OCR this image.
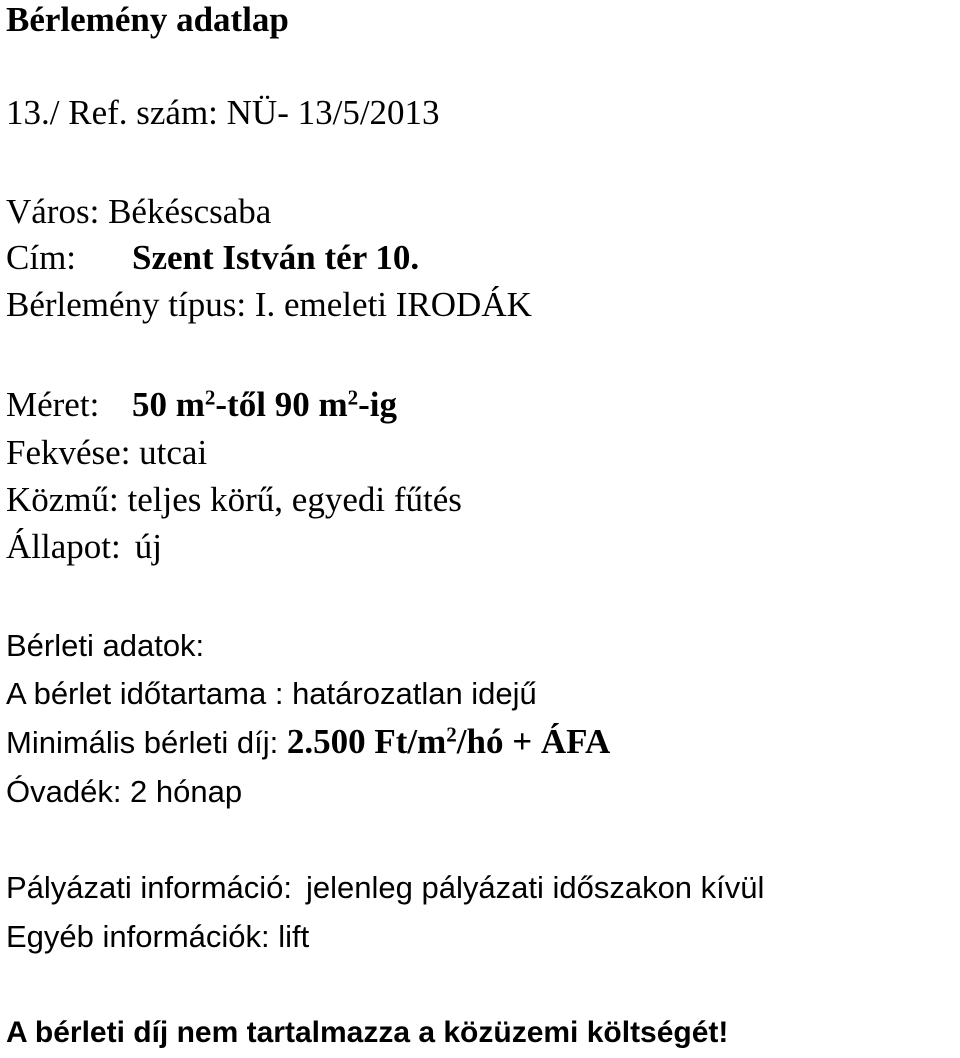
Bérlemény adatlap

13./ Ref. szám: NÜ- 13/5/2013

Város: Békéscsaba

Cím: Szent István tér 10.

Bérlemény típus: I. emeleti IRODÁK

Méret: 50 $m^2$-től 90 $m^2-ig$

Fekvése: utcai

Közmű: teljes körű, egyedi fűtés

Állapot: új

Bérleti adatok:

A bérlet időtartama : határozatlan idejű

Minimális bérleti díj: 2.500 $Ft/m^2/hó$ + ÁFA

Óvadék: 2 hónap

Pályázati információ: jelenleg pályázati időszakon kívül

Egyéb információk: lift

A bérleti díj nem tartalmazza a közüzemi költségét!
